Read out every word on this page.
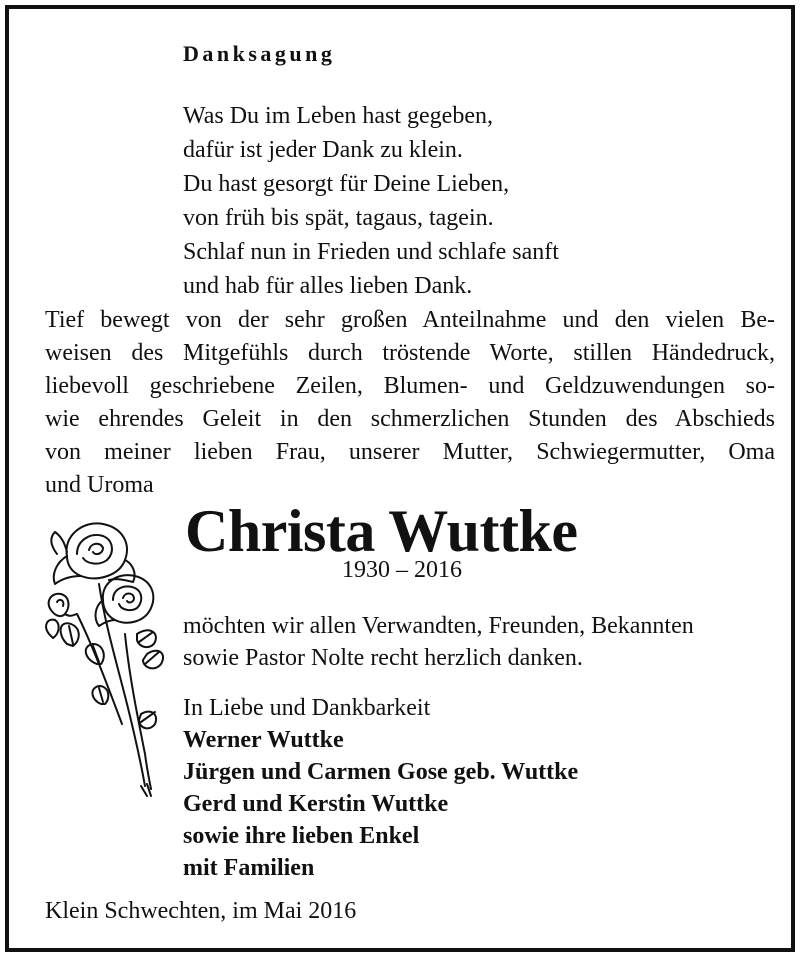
Danksagung
Was Du im Leben hast gegeben,
dafür ist jeder Dank zu klein.
Du hast gesorgt für Deine Lieben,
von früh bis spät, tagaus, tagein.
Schlaf nun in Frieden und schlafe sanft
und hab für alles lieben Dank.
Tief bewegt von der sehr großen Anteilnahme und den vielen Be-
weisen des Mitgefühls durch tröstende Worte, stillen Händedruck,
liebevoll geschriebene Zeilen, Blumen- und Geldzuwendungen so-
wie ehrendes Geleit in den schmerzlichen Stunden des Abschieds
von meiner lieben Frau, unserer Mutter, Schwiegermutter, Oma
und Uroma
Christa Wuttke
1930 – 2016
möchten wir allen Verwandten, Freunden, Bekannten
sowie Pastor Nolte recht herzlich danken.
In Liebe und Dankbarkeit
Werner Wuttke
Jürgen und Carmen Gose geb. Wuttke
Gerd und Kerstin Wuttke
sowie ihre lieben Enkel
mit Familien
Klein Schwechten, im Mai 2016
